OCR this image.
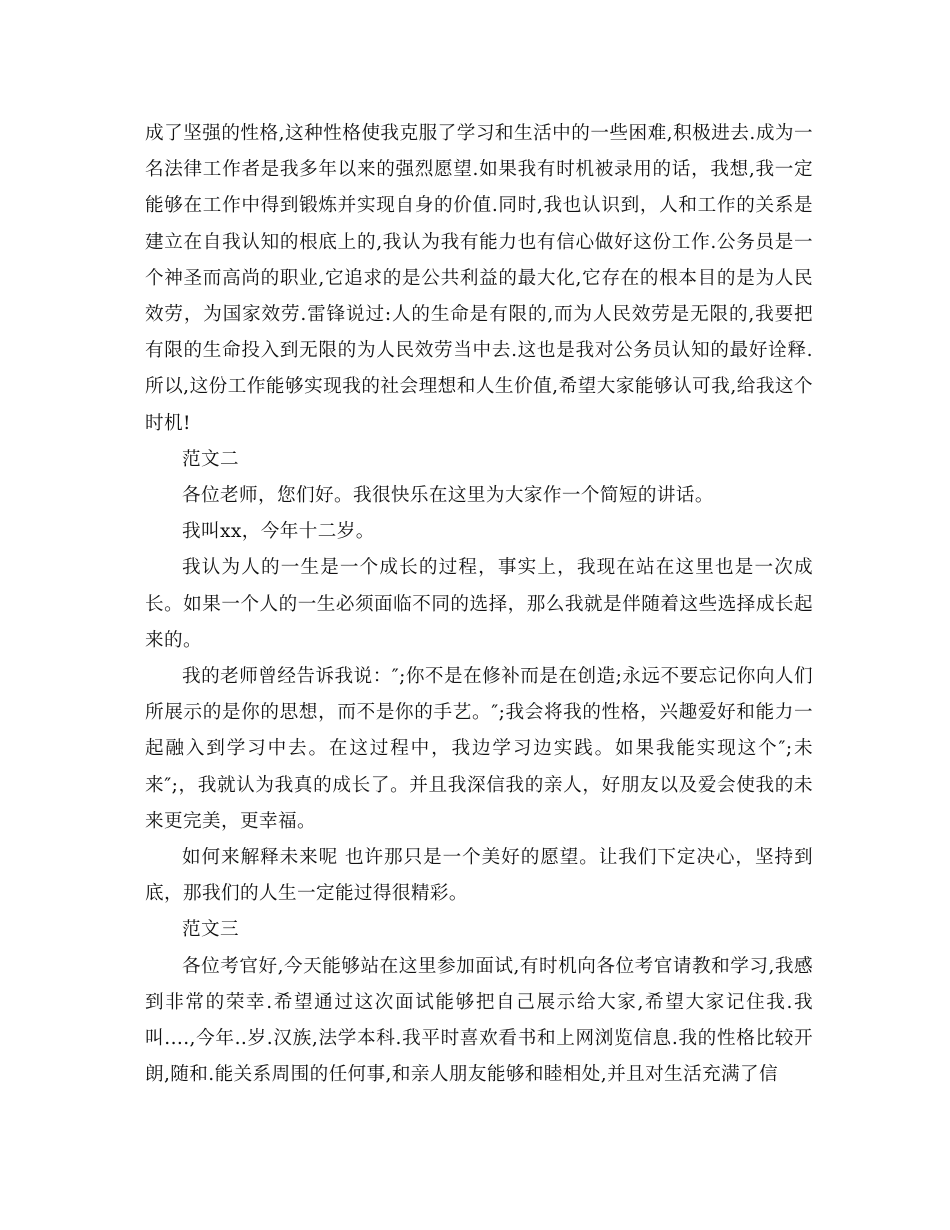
成了坚强的性格,这种性格使我克服了学习和生活中的一些困难,积极进去.成为一名法律工作者是我多年以来的强烈愿望.如果我有时机被录用的话，我想,我一定能够在工作中得到锻炼并实现自身的价值.同时,我也认识到，人和工作的关系是建立在自我认知的根底上的,我认为我有能力也有信心做好这份工作.公务员是一个神圣而高尚的职业,它追求的是公共利益的最大化,它存在的根本目的是为人民效劳，为国家效劳.雷锋说过:人的生命是有限的,而为人民效劳是无限的,我要把有限的生命投入到无限的为人民效劳当中去.这也是我对公务员认知的最好诠释.所以,这份工作能够实现我的社会理想和人生价值,希望大家能够认可我,给我这个时机!

范文二

各位老师，您们好。我很快乐在这里为大家作一个简短的讲话。

我叫xx，今年十二岁。

我认为人的一生是一个成长的过程，事实上，我现在站在这里也是一次成长。如果一个人的一生必须面临不同的选择，那么我就是伴随着这些选择成长起来的。

我的老师曾经告诉我说：″;你不是在修补而是在创造;永远不要忘记你向人们所展示的是你的思想，而不是你的手艺。″;我会将我的性格，兴趣爱好和能力一起融入到学习中去。在这过程中，我边学习边实践。如果我能实现这个″;未来″;，我就认为我真的成长了。并且我深信我的亲人，好朋友以及爱会使我的未来更完美，更幸福。

如何来解释未来呢 也许那只是一个美好的愿望。让我们下定决心，坚持到底，那我们的人生一定能过得很精彩。

范文三

各位考官好,今天能够站在这里参加面试,有时机向各位考官请教和学习,我感到非常的荣幸.希望通过这次面试能够把自己展示给大家,希望大家记住我.我叫....,今年..岁.汉族,法学本科.我平时喜欢看书和上网浏览信息.我的性格比较开朗,随和.能关系周围的任何事,和亲人朋友能够和睦相处,并且对生活充满了信
